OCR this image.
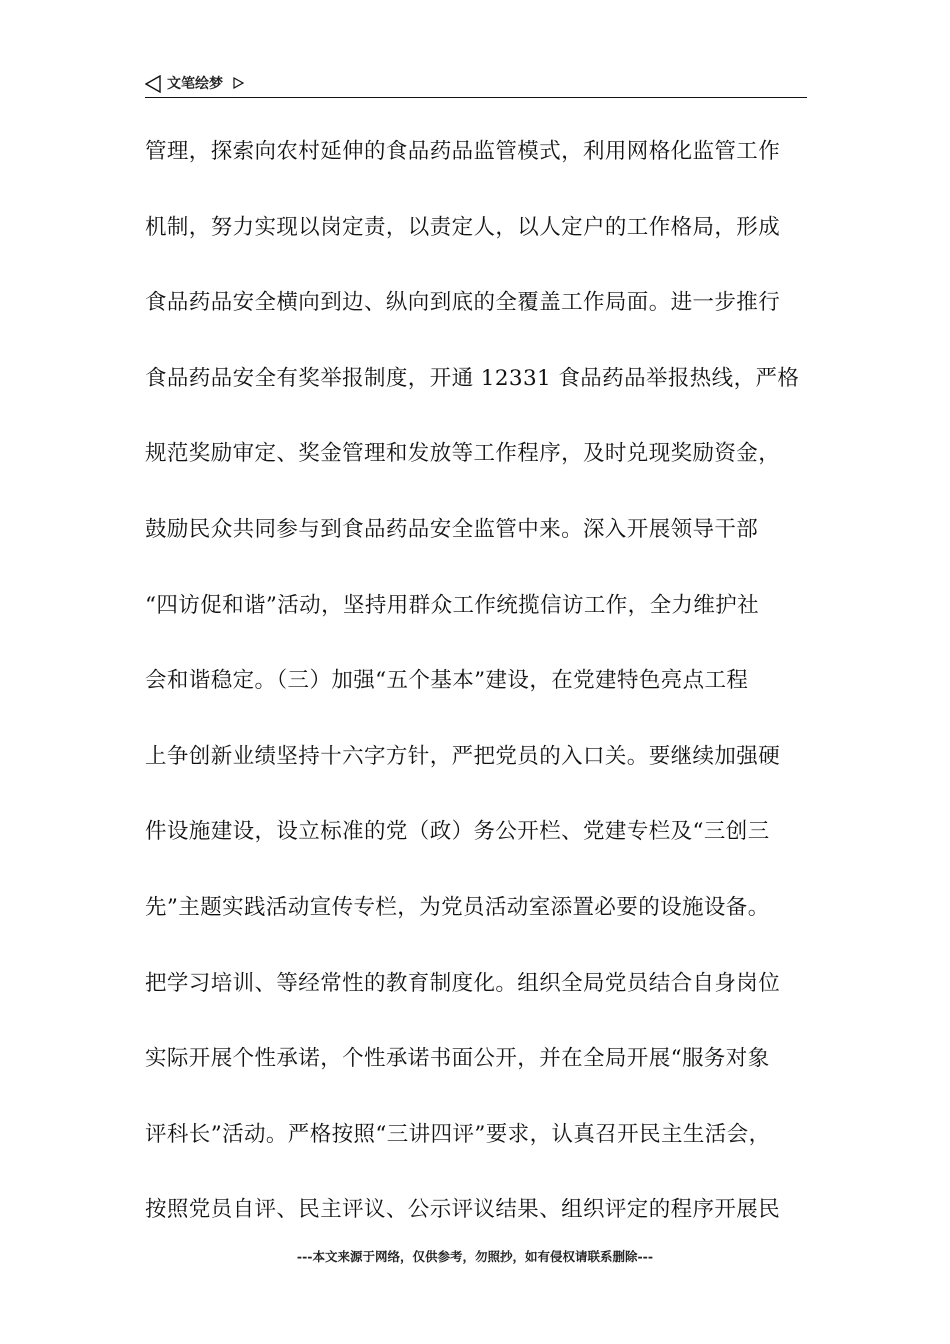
文笔绘梦
管理，探索向农村延伸的食品药品监管模式，利用网格化监管工作
机制，努力实现以岗定责，以责定人，以人定户的工作格局，形成
食品药品安全横向到边、纵向到底的全覆盖工作局面。进一步推行
食品药品安全有奖举报制度，开通 12331 食品药品举报热线，严格
规范奖励审定、奖金管理和发放等工作程序，及时兑现奖励资金，
鼓励民众共同参与到食品药品安全监管中来。深入开展领导干部
“四访促和谐”活动，坚持用群众工作统揽信访工作，全力维护社
会和谐稳定。（三）加强“五个基本”建设，在党建特色亮点工程
上争创新业绩坚持十六字方针，严把党员的入口关。要继续加强硬
件设施建设，设立标准的党（政）务公开栏、党建专栏及“三创三
先”主题实践活动宣传专栏，为党员活动室添置必要的设施设备。
把学习培训、等经常性的教育制度化。组织全局党员结合自身岗位
实际开展个性承诺，个性承诺书面公开，并在全局开展“服务对象
评科长”活动。严格按照“三讲四评”要求，认真召开民主生活会，
按照党员自评、民主评议、公示评议结果、组织评定的程序开展民
---本文来源于网络，仅供参考，勿照抄，如有侵权请联系删除---
